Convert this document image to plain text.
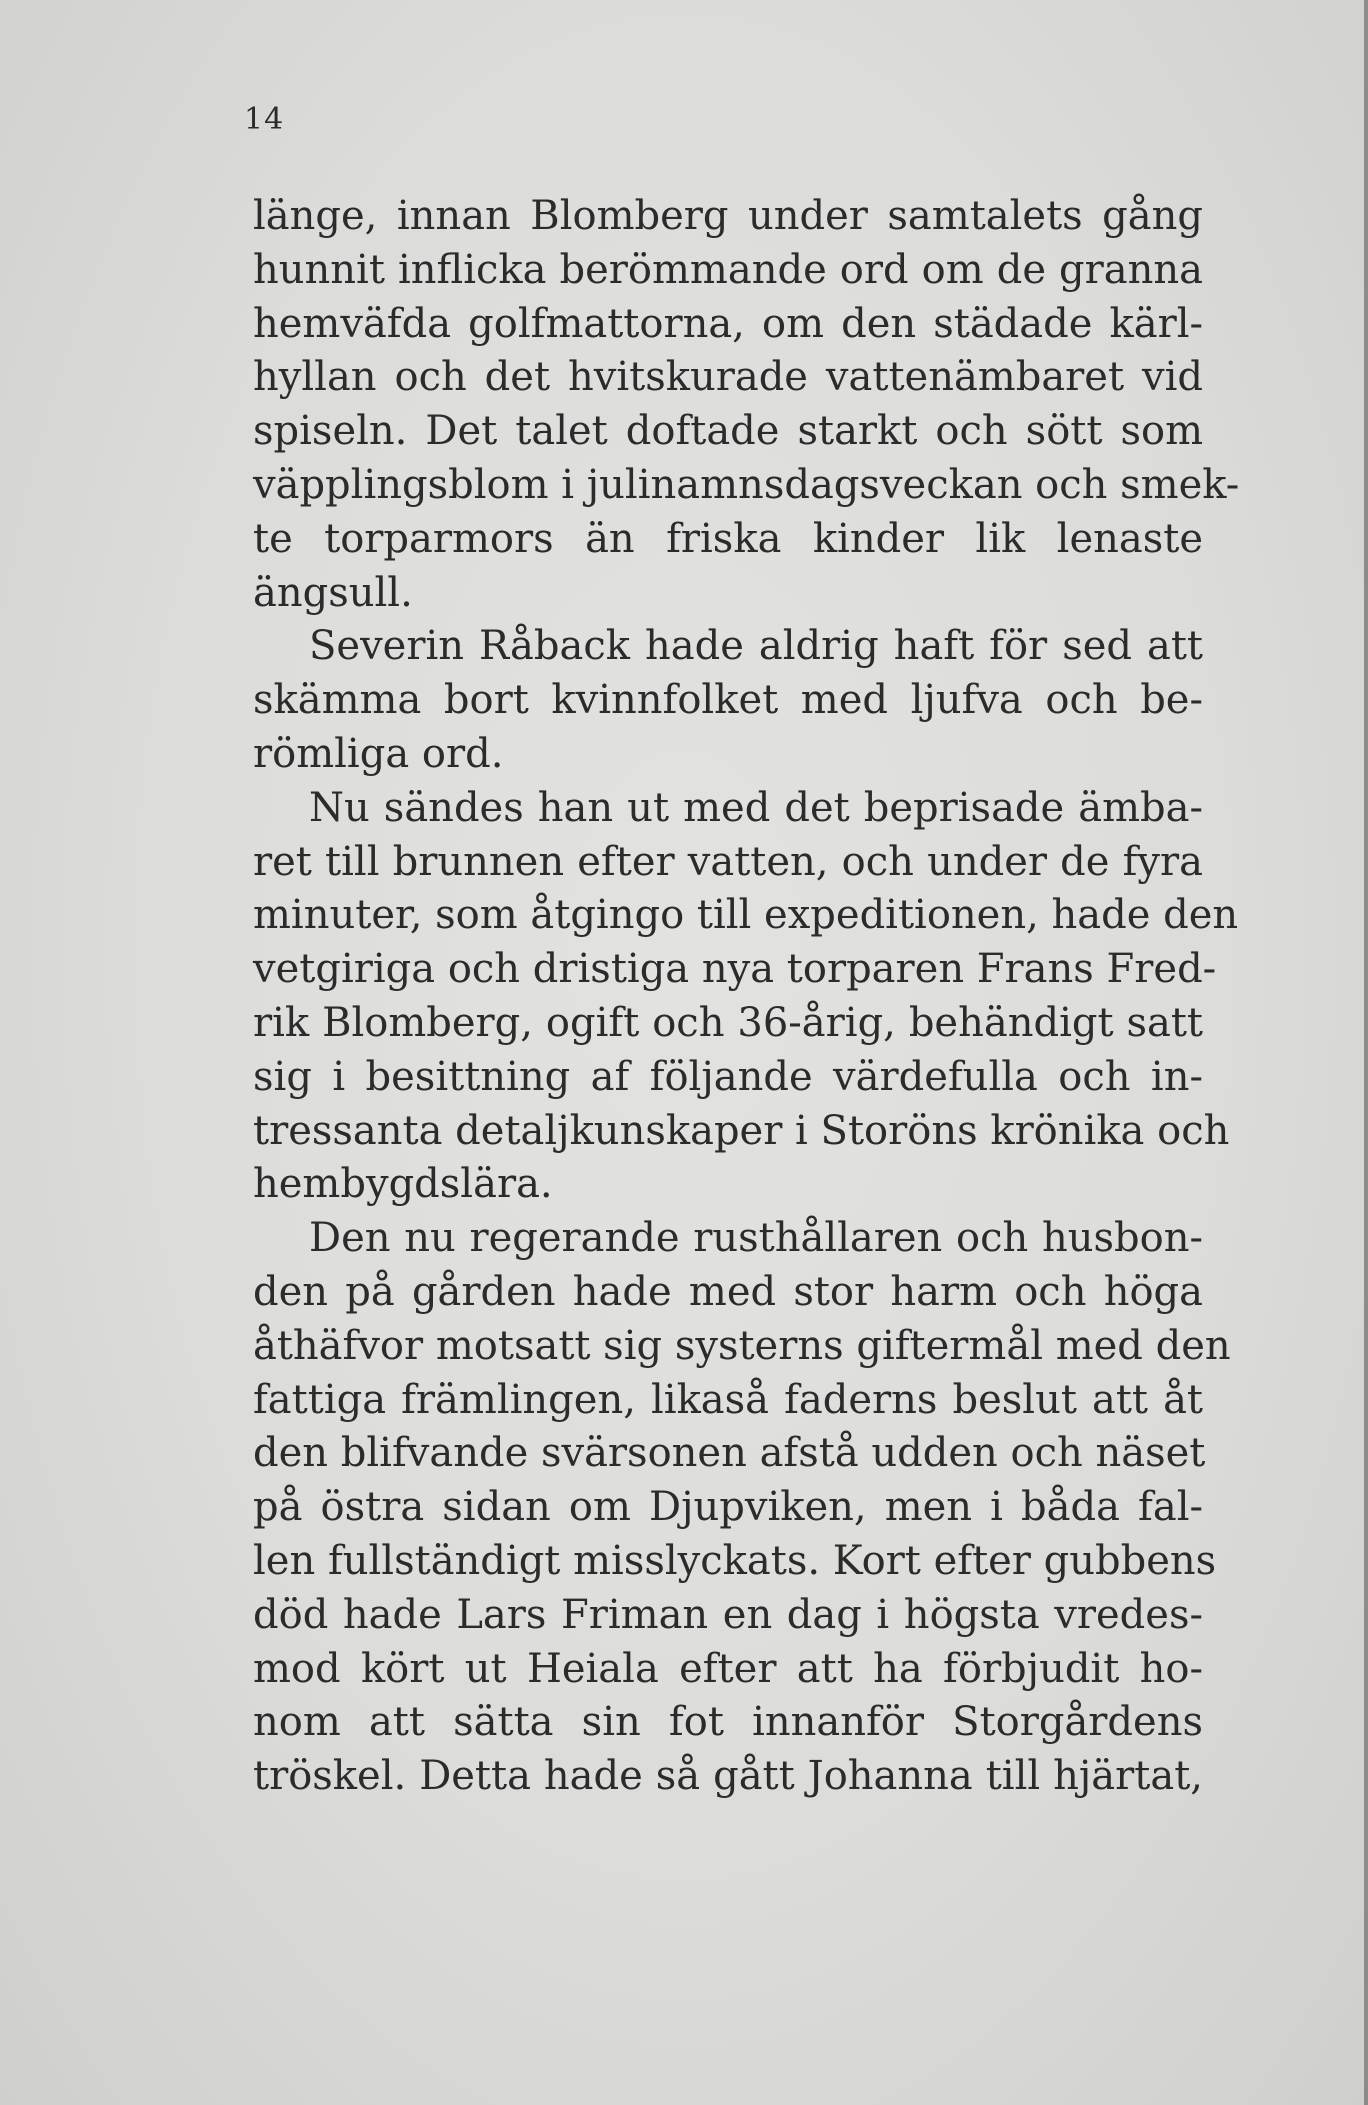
14
länge, innan Blomberg under samtalets gång
hunnit inflicka berömmande ord om de granna
hemväfda golfmattorna, om den städade kärl-
hyllan och det hvitskurade vattenämbaret vid
spiseln. Det talet doftade starkt och sött som
väpplingsblom i julinamnsdagsveckan och smek-
te torparmors än friska kinder lik lenaste
ängsull.
Severin Råback hade aldrig haft för sed att
skämma bort kvinnfolket med ljufva och be-
römliga ord.
Nu sändes han ut med det beprisade ämba-
ret till brunnen efter vatten, och under de fyra
minuter, som åtgingo till expeditionen, hade den
vetgiriga och dristiga nya torparen Frans Fred-
rik Blomberg, ogift och 36-årig, behändigt satt
sig i besittning af följande värdefulla och in-
tressanta detaljkunskaper i Storöns krönika och
hembygdslära.
Den nu regerande rusthållaren och husbon-
den på gården hade med stor harm och höga
åthäfvor motsatt sig systerns giftermål med den
fattiga främlingen, likaså faderns beslut att åt
den blifvande svärsonen afstå udden och näset
på östra sidan om Djupviken, men i båda fal-
len fullständigt misslyckats. Kort efter gubbens
död hade Lars Friman en dag i högsta vredes-
mod kört ut Heiala efter att ha förbjudit ho-
nom att sätta sin fot innanför Storgårdens
tröskel. Detta hade så gått Johanna till hjärtat,
